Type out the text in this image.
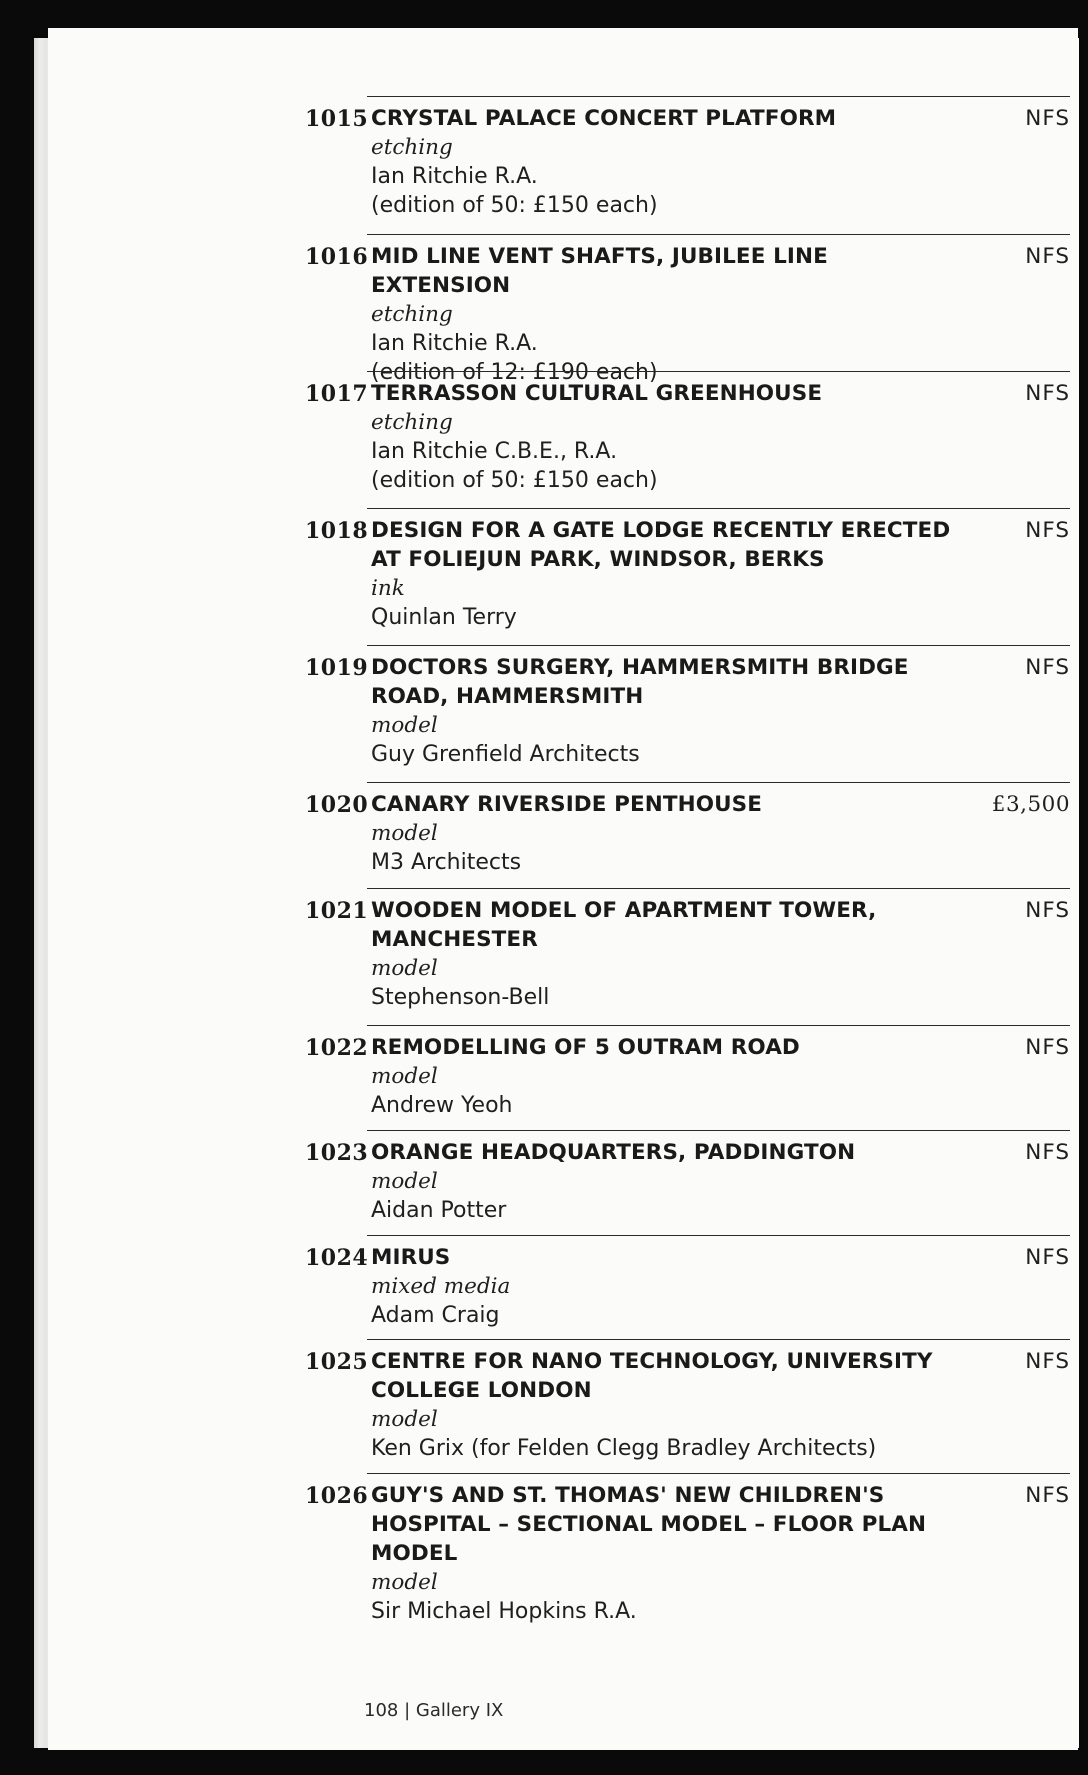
1015 CRYSTAL PALACE CONCERT PLATFORM
etching
Ian Ritchie R.A.
(edition of 50: £150 each)
NFS
1016 MID LINE VENT SHAFTS, JUBILEE LINE EXTENSION
etching
Ian Ritchie R.A.
(edition of 12: £190 each)
NFS
1017 TERRASSON CULTURAL GREENHOUSE
etching
Ian Ritchie C.B.E., R.A.
(edition of 50: £150 each)
NFS
1018 DESIGN FOR A GATE LODGE RECENTLY ERECTED AT FOLIEJUN PARK, WINDSOR, BERKS
ink
Quinlan Terry
NFS
1019 DOCTORS SURGERY, HAMMERSMITH BRIDGE ROAD, HAMMERSMITH
model
Guy Grenfield Architects
NFS
1020 CANARY RIVERSIDE PENTHOUSE
model
M3 Architects
£3,500
1021 WOODEN MODEL OF APARTMENT TOWER, MANCHESTER
model
Stephenson-Bell
NFS
1022 REMODELLING OF 5 OUTRAM ROAD
model
Andrew Yeoh
NFS
1023 ORANGE HEADQUARTERS, PADDINGTON
model
Aidan Potter
NFS
1024 MIRUS
mixed media
Adam Craig
NFS
1025 CENTRE FOR NANO TECHNOLOGY, UNIVERSITY COLLEGE LONDON
model
Ken Grix (for Felden Clegg Bradley Architects)
NFS
1026 GUY'S AND ST. THOMAS' NEW CHILDREN'S HOSPITAL – SECTIONAL MODEL – FLOOR PLAN MODEL
model
Sir Michael Hopkins R.A.
NFS
108 | Gallery IX
